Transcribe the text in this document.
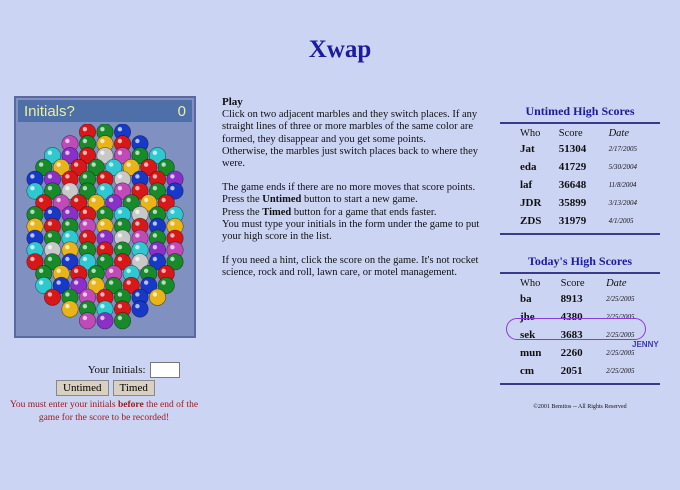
Xwap
Initials?	0
Your Initials:
Untimed	Timed
You must enter your initials before the end of the game for the score to be recorded!
Play

Click on two adjacent marbles and they switch places. If any straight lines of three or more marbles of the same color are formed, they disappear and you get some points.
Otherwise, the marbles just switch places back to where they were.

The game ends if there are no more moves that score points.
Press the Untimed button to start a new game.
Press the Timed button for a game that ends faster.
You must type your initials in the form under the game to put your high score in the list.

If you need a hint, click the score on the game. It's not rocket science, rock and roll, lawn care, or motel management.

Untimed High Scores
Who	Score	Date
Jat	51304	2/17/2005
eda	41729	5/30/2004
laf	36648	11/8/2004
JDR	35899	3/13/2004
ZDS	31979	4/1/2005
Today's High Scores
Who	Score	Date
ba	8913	2/25/2005
jhe	4380	2/25/2005
sek	3683	2/25/2005
mun	2260	2/25/2005
cm	2051	2/25/2005
JENNY
©2001 Bemitos -- All Rights Reserved
